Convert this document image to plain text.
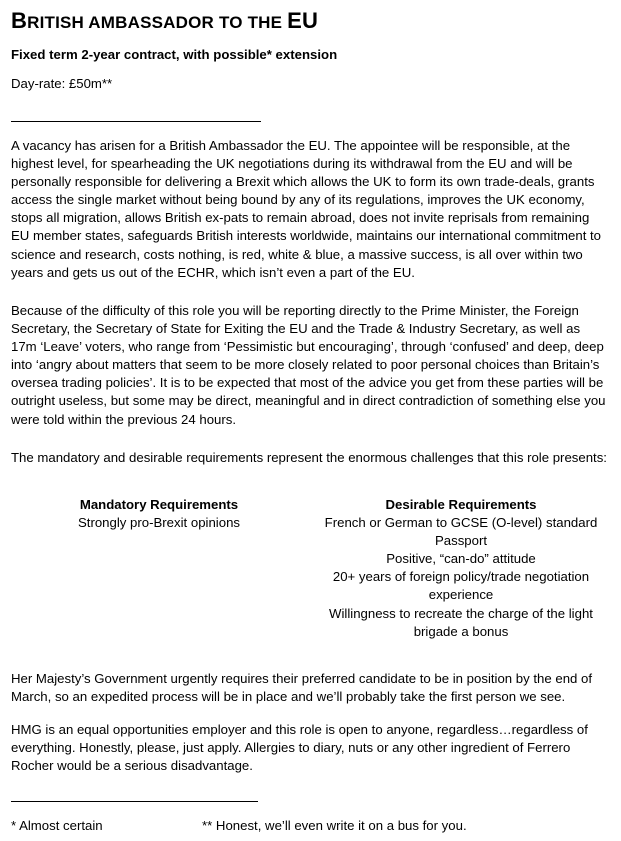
BRITISH AMBASSADOR TO THE EU
Fixed term 2-year contract, with possible* extension
Day-rate: £50m**

A vacancy has arisen for a British Ambassador the EU. The appointee will be responsible, at the highest level, for spearheading the UK negotiations during its withdrawal from the EU and will be personally responsible for delivering a Brexit which allows the UK to form its own trade-deals, grants access the single market without being bound by any of its regulations, improves the UK economy, stops all migration, allows British ex-pats to remain abroad, does not invite reprisals from remaining EU member states, safeguards British interests worldwide, maintains our international commitment to science and research, costs nothing, is red, white & blue, a massive success, is all over within two years and gets us out of the ECHR, which isn’t even a part of the EU.

Because of the difficulty of this role you will be reporting directly to the Prime Minister, the Foreign Secretary, the Secretary of State for Exiting the EU and the Trade & Industry Secretary, as well as 17m ‘Leave’ voters, who range from ‘Pessimistic but encouraging’, through ‘confused’ and deep, deep into ‘angry about matters that seem to be more closely related to poor personal choices than Britain’s oversea trading policies’. It is to be expected that most of the advice you get from these parties will be outright useless, but some may be direct, meaningful and in direct contradiction of something else you were told within the previous 24 hours.

The mandatory and desirable requirements represent the enormous challenges that this role presents:

Mandatory Requirements
Strongly pro-Brexit opinions
Desirable Requirements
French or German to GCSE (O-level) standard
Passport
Positive, “can-do” attitude
20+ years of foreign policy/trade negotiation experience
Willingness to recreate the charge of the light brigade a bonus

Her Majesty’s Government urgently requires their preferred candidate to be in position by the end of March, so an expedited process will be in place and we’ll probably take the first person we see.

HMG is an equal opportunities employer and this role is open to anyone, regardless…regardless of everything. Honestly, please, just apply. Allergies to diary, nuts or any other ingredient of Ferrero Rocher would be a serious disadvantage.

* Almost certain	** Honest, we’ll even write it on a bus for you.
